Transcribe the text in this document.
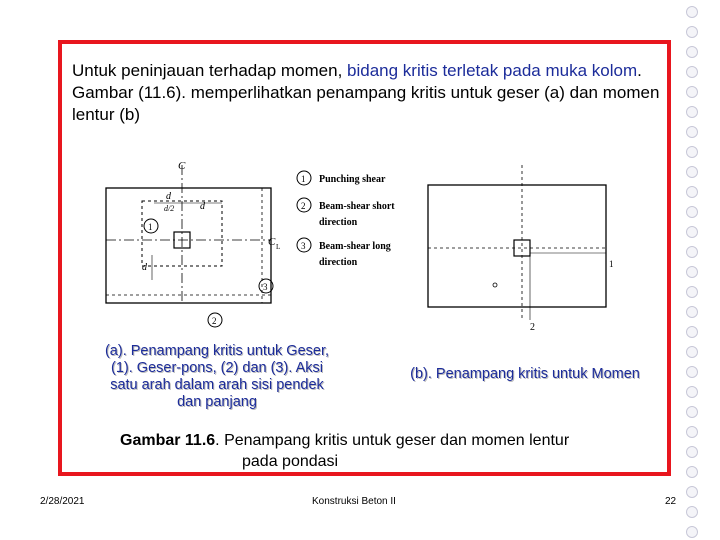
Untuk peninjauan terhadap momen, bidang kritis terletak pada muka kolom. Gambar (11.6). memperlihatkan penampang kritis untuk geser (a) dan momen lentur (b)
C
C L
d
d/2	d
d
1
3
2
1 Punching shear
2 Beam-shear short
direction
3 Beam-shear long
direction	1
2
(a). Penampang kritis untuk Geser,
(1). Geser-pons, (2) dan (3). Aksi
satu arah dalam arah sisi pendek
dan panjang
(b). Penampang kritis untuk Momen
Gambar 11.6. Penampang kritis untuk geser dan momen lentur
pada pondasi
2/28/2021	Konstruksi Beton II	22
